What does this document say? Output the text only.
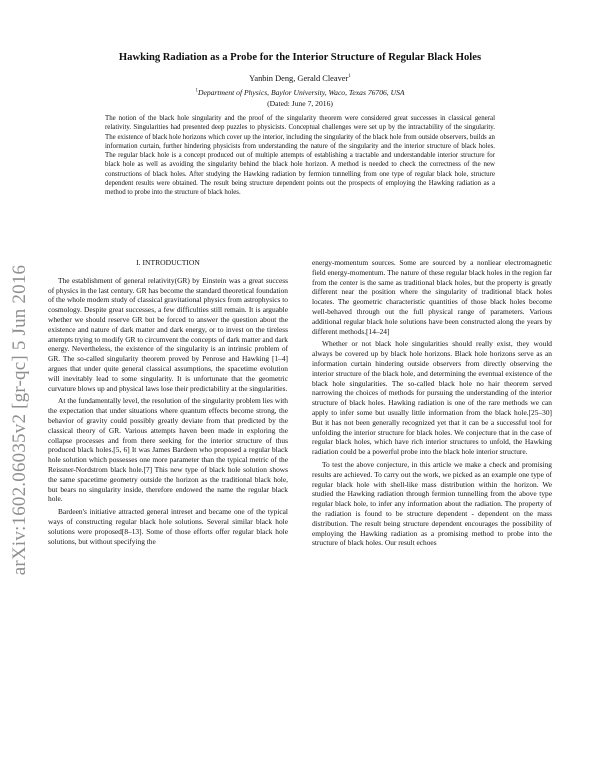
arXiv:1602.06035v2 [gr-qc] 5 Jun 2016
Hawking Radiation as a Probe for the Interior Structure of Regular Black Holes
Yanbin Deng, Gerald Cleaver$^1$
$^1$Department of Physics, Baylor University, Waco, Texas 76706, USA
(Dated: June 7, 2016)
The notion of the black hole singularity and the proof of the singularity theorem were considered great successes in classical general relativity. Singularities had presented deep puzzles to physicists. Conceptual challenges were set up by the intractability of the singularity. The existence of black hole horizons which cover up the interior, including the singularity of the black hole from outside observers, builds an information curtain, further hindering physicists from understanding the nature of the singularity and the interior structure of black holes. The regular black hole is a concept produced out of multiple attempts of establishing a tractable and understandable interior structure for black hole as well as avoiding the singularity behind the black hole horizon. A method is needed to check the correctness of the new constructions of black holes. After studying the Hawking radiation by fermion tunnelling from one type of regular black hole, structure dependent results were obtained. The result being structure dependent points out the prospects of employing the Hawking radiation as a method to probe into the structure of black holes.
I. INTRODUCTION

The establishment of general relativity(GR) by Einstein was a great success of physics in the last century. GR has become the standard theoretical foundation of the whole modern study of classical gravitational physics from astrophysics to cosmology. Despite great successes, a few difficulties still remain. It is arguable whether we should reserve GR but be forced to answer the question about the existence and nature of dark matter and dark energy, or to invest on the tireless attempts trying to modify GR to circumvent the concepts of dark matter and dark energy. Nevertheless, the existence of the singularity is an intrinsic problem of GR. The so-called singularity theorem proved by Penrose and Hawking [1–4] argues that under quite general classical assumptions, the spacetime evolution will inevitably lead to some singularity. It is unfortunate that the geometric curvature blows up and physical laws lose their predictability at the singularities.

At the fundamentally level, the resolution of the singularity problem lies with the expectation that under situations where quantum effects become strong, the behavior of gravity could possibly greatly deviate from that predicted by the classical theory of GR. Various attempts haven been made in exploring the collapse processes and from there seeking for the interior structure of thus produced black holes.[5, 6] It was James Bardeen who proposed a regular black hole solution which possesses one more parameter than the typical metric of the Reissner-Nordstrom black hole.[7] This new type of black hole solution shows the same spacetime geometry outside the horizon as the traditional black hole, but bears no singularity inside, therefore endowed the name the regular black hole.

Bardeen's initiative attracted general intreset and became one of the typical ways of constructing regular black hole solutions. Several similar black hole solutions were proposed[8–13]. Some of those efforts offer regular black hole solutions, but without specifying the

energy-momentum sources. Some are sourced by a nonliear electromagnetic field energy-momentum. The nature of these regular black holes in the region far from the center is the same as traditional black holes, but the property is greatly different near the position where the singularity of traditional black holes locates. The geometric characteristic quantities of those black holes become well-behaved through out the full physical range of parameters. Various additional regular black hole solutions have been constructed along the years by different methods.[14–24]

Whether or not black hole singularities should really exist, they would always be covered up by black hole horizons. Black hole horizons serve as an information curtain hindering outside observers from directly observing the interior structure of the black hole, and determining the eventual existence of the black hole singularities. The so-called black hole no hair theorem served narrowing the choices of methods for pursuing the understanding of the interior structure of black holes. Hawking radiation is one of the rare methods we can apply to infer some but usually little information from the black hole.[25–30] But it has not been generally recognized yet that it can be a successful tool for unfolding the interior structure for black holes. We conjecture that in the case of regular black holes, which have rich interior structures to unfold, the Hawking radiation could be a powerful probe into the black hole interior structure.

To test the above conjecture, in this article we make a check and promising results are achieved. To carry out the work, we picked as an example one type of regular black hole with shell-like mass distribution within the horizon. We studied the Hawking radiation through fermion tunnelling from the above type regular black hole, to infer any information about the radiation. The property of the radiation is found to be structure dependent - dependent on the mass distribution. The result being structure dependent encourages the possibility of employing the Hawking radiation as a promising method to probe into the structure of black holes. Our result echoes
